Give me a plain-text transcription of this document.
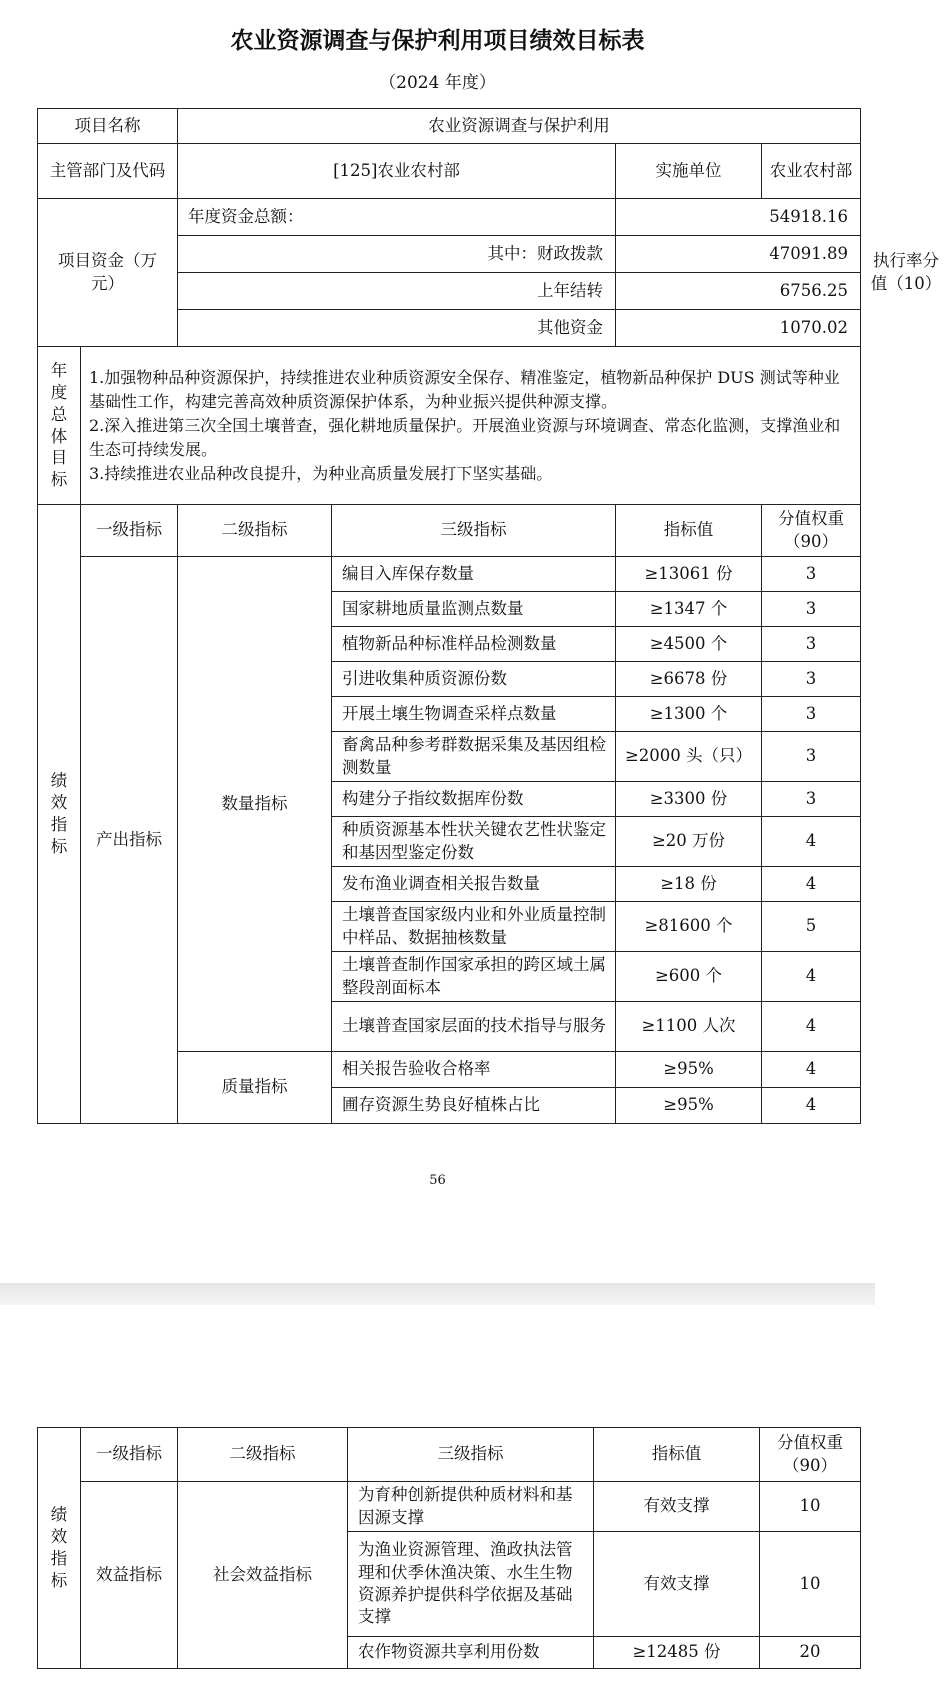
农业资源调查与保护利用项目绩效目标表
（2024 年度）
项目名称		农业资源调查与保护利用				
主管部门及代码		[125]农业农村部		实施单位	农业农村部	

项目资金（万元）		年度资金总额：		54918.16		执行率分值（10）

		其中：财政拨款		47091.89		
		上年结转		6756.25		
		其他资金		1070.02		

年度总体目标	1.加强物种品种资源保护，持续推进农业种质资源安全保存、精准鉴定，植物新品种保护 DUS 测试等种业基础性工作，构建完善高效种质资源保护体系，为种业振兴提供种源支撑。
2.深入推进第三次全国土壤普查，强化耕地质量保护。开展渔业资源与环境调查、常态化监测，支撑渔业和生态可持续发展。
3.持续推进农业品种改良提升，为种业高质量发展打下坚实基础。					

绩效指标	一级指标	二级指标	三级指标	指标值	分值权重（90）	

	产出指标	数量指标	编目入库保存数量	≥13061 份	3	
			国家耕地质量监测点数量	≥1347 个	3	
			植物新品种标准样品检测数量	≥4500 个	3	
			引进收集种质资源份数	≥6678 份	3	
			开展土壤生物调查采样点数量	≥1300 个	3	
			畜禽品种参考群数据采集及基因组检测数量	≥2000 头（只）	3	
			构建分子指纹数据库份数	≥3300 份	3	
			种质资源基本性状关键农艺性状鉴定和基因型鉴定份数	≥20 万份	4	
			发布渔业调查相关报告数量	≥18 份	4	
			土壤普查国家级内业和外业质量控制中样品、数据抽核数量	≥81600 个	5	
			土壤普查制作国家承担的跨区域土属整段剖面标本	≥600 个	4	
			土壤普查国家层面的技术指导与服务	≥1100 人次	4	
		质量指标	相关报告验收合格率	≥95%	4	
			圃存资源生势良好植株占比	≥95%	4	
56
绩效指标	一级指标	二级指标	三级指标	指标值	分值权重（90）

	效益指标	社会效益指标	为育种创新提供种质材料和基因源支撑	有效支撑	10
			为渔业资源管理、渔政执法管理和伏季休渔决策、水生生物资源养护提供科学依据及基础支撑	有效支撑	10
			农作物资源共享利用份数	≥12485 份	20
